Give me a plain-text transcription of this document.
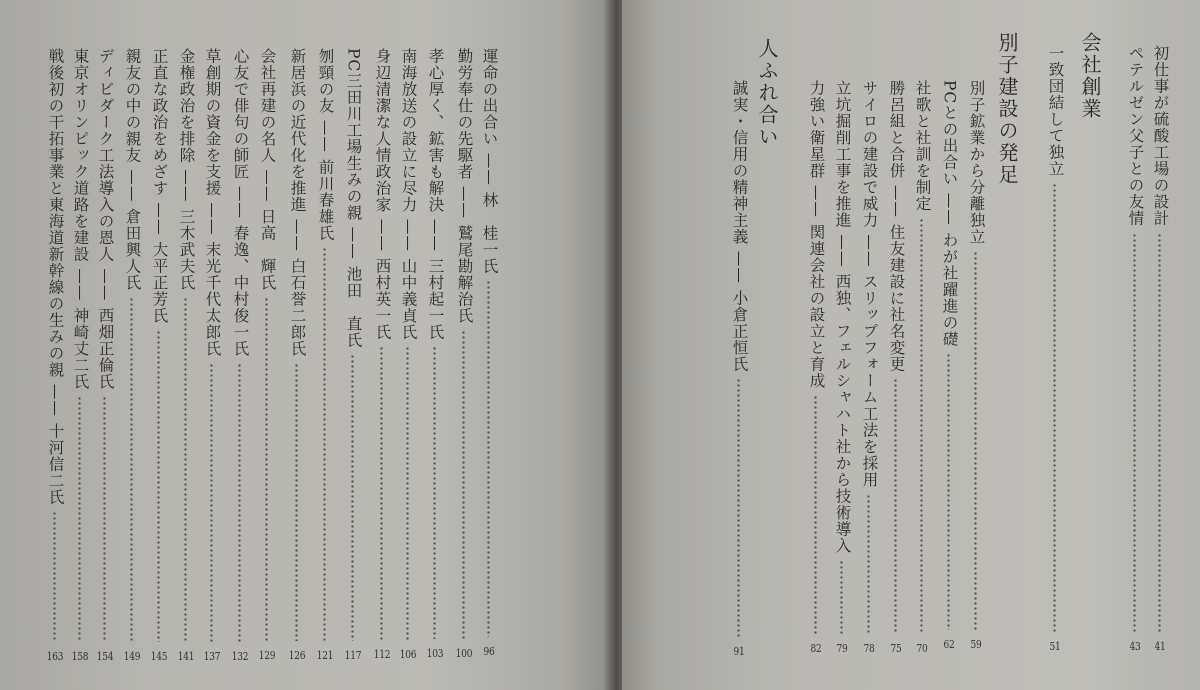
運命の出合い —— 林　桂一氏
96
勤労奉仕の先駆者 —— 鷲尾勘解治氏
100
孝心厚く、鉱害も解決 —— 三村起一氏
103
南海放送の設立に尽力 —— 山中義貞氏
106
身辺清潔な人情政治家 —— 西村英一氏
112
PC三田川工場生みの親 —— 池田　直氏
117
刎頸の友 —— 前川春雄氏
121
新居浜の近代化を推進 —— 白石誉二郎氏
126
会社再建の名人 —— 日高　輝氏
129
心友で俳句の師匠 —— 春逸、中村俊一氏
132
草創期の資金を支援 —— 末光千代太郎氏
137
金権政治を排除 —— 三木武夫氏
141
正直な政治をめざす —— 大平正芳氏
145
親友の中の親友 —— 倉田興人氏
149
ディビダーク工法導入の恩人 —— 西畑正倫氏
154
東京オリンピック道路を建設 —— 神崎丈二氏
158
戦後初の干拓事業と東海道新幹線の生みの親 —— 十河信二氏
163
会社創業	初仕事が硫酸工場の設計
41
ペテルゼン父子との友情
43
一致団結して独立
51
別子建設の発足
別子鉱業から分離独立
59
PCとの出合い —— わが社躍進の礎
62
社歌と社訓を制定
70
勝呂組と合併 —— 住友建設に社名変更
75
サイロの建設で威力 —— スリップフォーム工法を採用
78
立坑掘削工事を推進 —— 西独、フェルシャハト社から技術導入
79
力強い衛星群 —— 関連会社の設立と育成
82
人ふれ合い
誠実・信用の精神主義 —— 小倉正恒氏
91
